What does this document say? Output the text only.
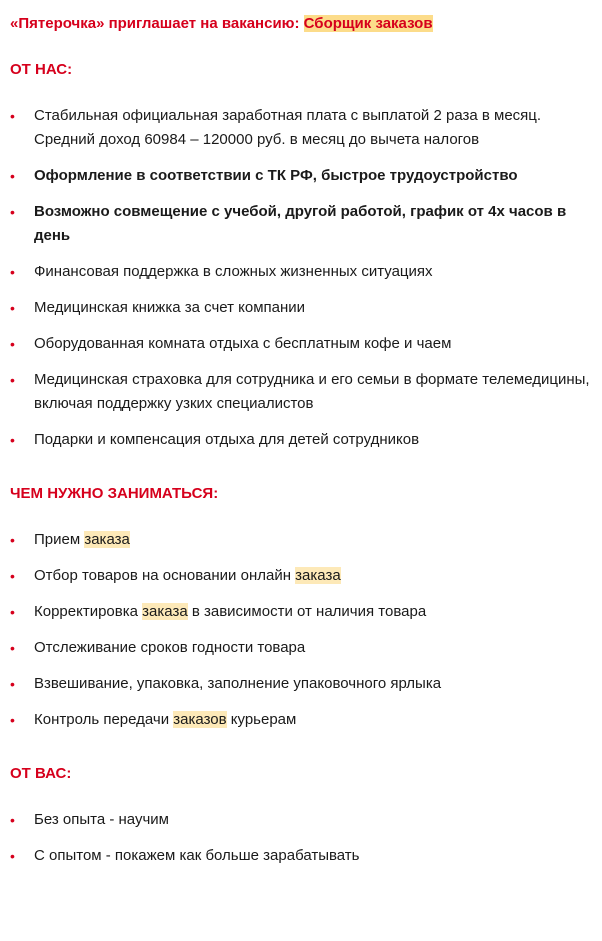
«Пятерочка» приглашает на вакансию: Сборщик заказов
ОТ НАС:
•	Стабильная официальная заработная плата с выплатой 2 раза в месяц. Средний доход 60984 – 120000 руб. в месяц до вычета налогов
•	Оформление в соответствии с ТК РФ, быстрое трудоустройство
•	Возможно совмещение с учебой, другой работой, график от 4х часов в день
•	Финансовая поддержка в сложных жизненных ситуациях
•	Медицинская книжка за счет компании
•	Оборудованная комната отдыха с бесплатным кофе и чаем
•	Медицинская страховка для сотрудника и его семьи в формате телемедицины, включая поддержку узких специалистов
•	Подарки и компенсация отдыха для детей сотрудников
ЧЕМ НУЖНО ЗАНИМАТЬСЯ:
•	Прием заказа
•	Отбор товаров на основании онлайн заказа
•	Корректировка заказа в зависимости от наличия товара
•	Отслеживание сроков годности товара
•	Взвешивание, упаковка, заполнение упаковочного ярлыка
•	Контроль передачи заказов курьерам
ОТ ВАС:
•	Без опыта - научим
•	С опытом - покажем как больше зарабатывать
